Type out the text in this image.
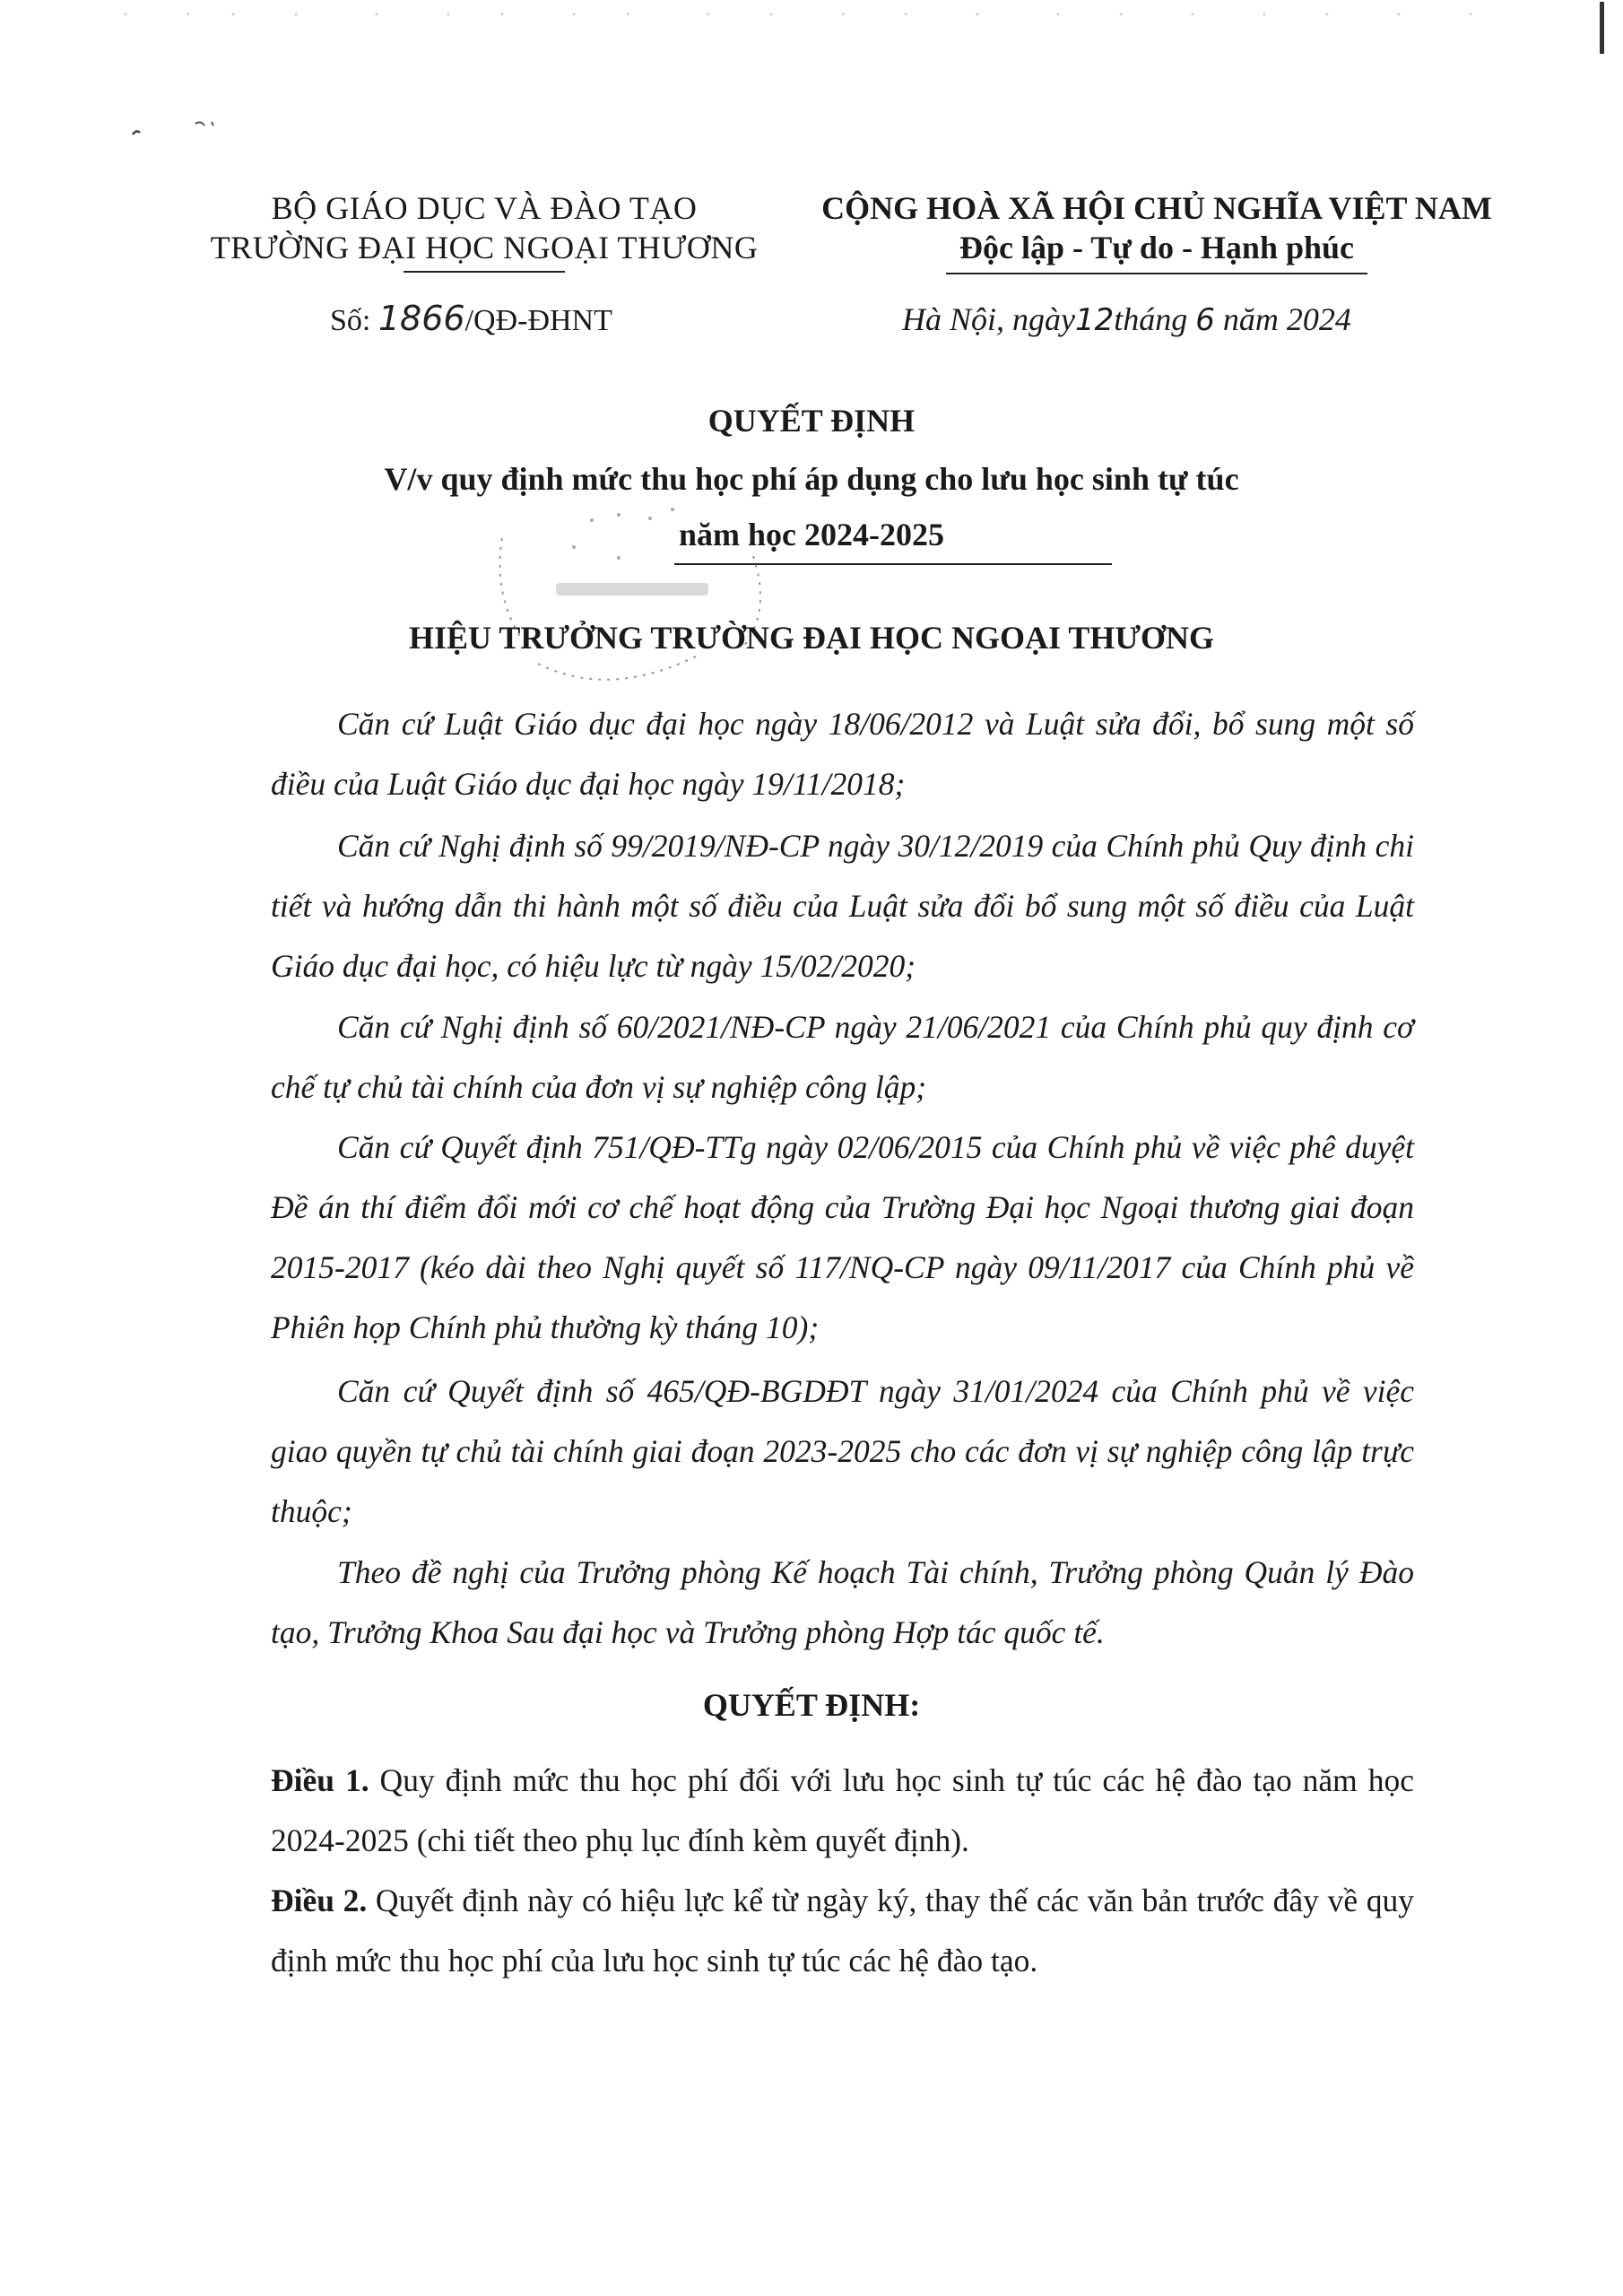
BỘ GIÁO DỤC VÀ ĐÀO TẠO
TRƯỜNG ĐẠI HỌC NGOẠI THƯƠNG
CỘNG HOÀ XÃ HỘI CHỦ NGHĨA VIỆT NAM
Độc lập - Tự do - Hạnh phúc
Số: 1866/QĐ-ĐHNT	Hà Nội, ngày12tháng 6 năm 2024
QUYẾT ĐỊNH
V/v quy định mức thu học phí áp dụng cho lưu học sinh tự túc
năm học 2024-2025
HIỆU TRƯỞNG TRƯỜNG ĐẠI HỌC NGOẠI THƯƠNG
Căn cứ Luật Giáo dục đại học ngày 18/06/2012 và Luật sửa đổi, bổ sung một số điều của Luật Giáo dục đại học ngày 19/11/2018;
Căn cứ Nghị định số 99/2019/NĐ-CP ngày 30/12/2019 của Chính phủ Quy định chi tiết và hướng dẫn thi hành một số điều của Luật sửa đổi bổ sung một số điều của Luật Giáo dục đại học, có hiệu lực từ ngày 15/02/2020;
Căn cứ Nghị định số 60/2021/NĐ-CP ngày 21/06/2021 của Chính phủ quy định cơ chế tự chủ tài chính của đơn vị sự nghiệp công lập;
Căn cứ Quyết định 751/QĐ-TTg ngày 02/06/2015 của Chính phủ về việc phê duyệt Đề án thí điểm đổi mới cơ chế hoạt động của Trường Đại học Ngoại thương giai đoạn 2015-2017 (kéo dài theo Nghị quyết số 117/NQ-CP ngày 09/11/2017 của Chính phủ về Phiên họp Chính phủ thường kỳ tháng 10);
Căn cứ Quyết định số 465/QĐ-BGDĐT ngày 31/01/2024 của Chính phủ về việc giao quyền tự chủ tài chính giai đoạn 2023-2025 cho các đơn vị sự nghiệp công lập trực thuộc;
Theo đề nghị của Trưởng phòng Kế hoạch Tài chính, Trưởng phòng Quản lý Đào tạo, Trưởng Khoa Sau đại học và Trưởng phòng Hợp tác quốc tế.
QUYẾT ĐỊNH:
Điều 1. Quy định mức thu học phí đối với lưu học sinh tự túc các hệ đào tạo năm học 2024-2025 (chi tiết theo phụ lục đính kèm quyết định).
Điều 2. Quyết định này có hiệu lực kể từ ngày ký, thay thế các văn bản trước đây về quy định mức thu học phí của lưu học sinh tự túc các hệ đào tạo.
